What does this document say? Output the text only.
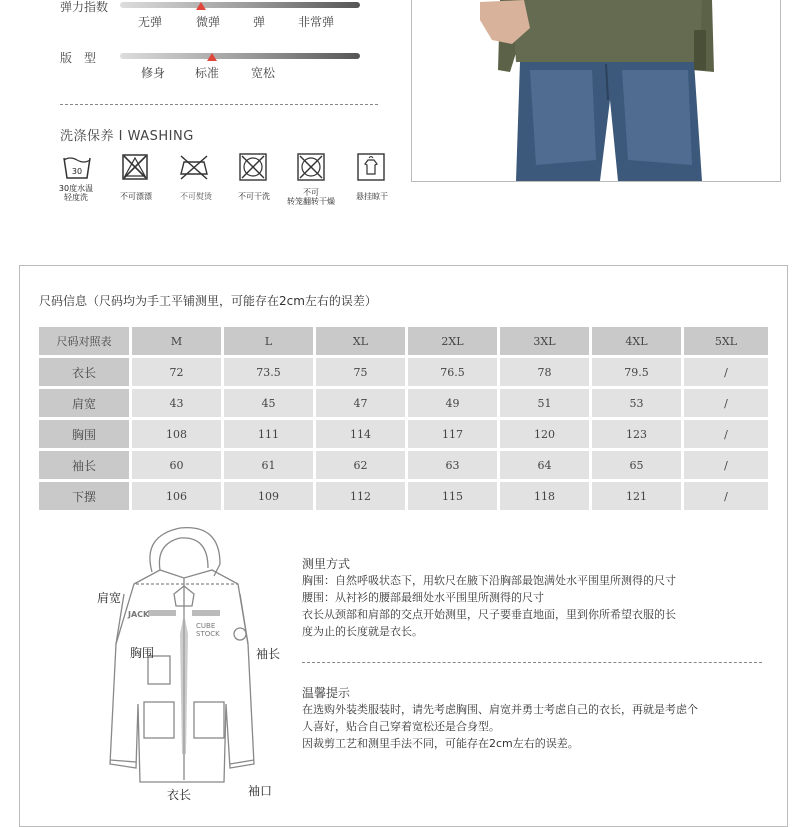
弹力指数
无弹	微弹	弹	非常弹
版　型
修身 标准	宽松
洗涤保养 I WASHING
30
30度水温
轻度洗	不可漂漂	不可熨烫	不可干洗	不可
转笼翻转干燥
悬挂晾干
尺码信息（尺码均为手工平铺测里，可能存在2cm左右的误差）
尺码对照表	M	L	XL	2XL	3XL	4XL	5XL
衣长	72	73.5	75	76.5	78	79.5	/
肩宽	43	45	47	49	51	53	/
胸围	108	111	114	117	120	123	/
袖长	60	61	62	63	64	65	/
下摆	106	109	112	115	118	121	/
肩宽
胸围	袖长
衣长	袖口
JACK
CUBE
STOCK
测里方式
胸围：自然呼吸状态下，用软尺在腋下沿胸部最饱满处水平围里所测得的尺寸
腰围：从衬衫的腰部最细处水平围里所测得的尺寸
衣长从颈部和肩部的交点开始测里，尺子要垂直地面，里到你所希望衣服的长
度为止的长度就是衣长。
温馨提示
在选购外装类服装时，请先考虑胸围、肩宽并勇士考虑自己的衣长，再就是考虑个
人喜好，贴合自己穿着宽松还是合身型。
因裁剪工艺和测里手法不同，可能存在2cm左右的误差。
